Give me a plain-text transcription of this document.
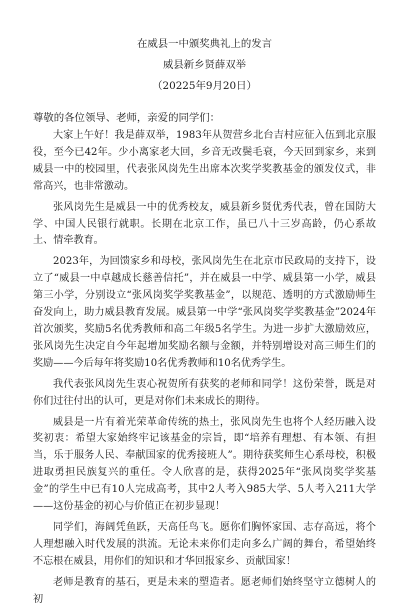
在威县一中颁奖典礼上的发言
威县新乡贤薛双举
（20225年9月20日）
尊敬的各位领导、老师，亲爱的同学们：

大家上午好！我是薛双举，1983年从贺营乡北台吉村应征入伍到北京服役，至今已42年。少小离家老大回，乡音无改鬓毛衰，今天回到家乡，来到威县一中的校园里，代表张风岗先生出席本次奖学奖教基金的颁发仪式，非常高兴，也非常激动。

张风岗先生是威县一中的优秀校友，威县新乡贤优秀代表，曾在国防大学、中国人民银行就职。长期在北京工作，虽已八十三岁高龄，仍心系故土、情牵教育。

2023年，为回馈家乡和母校，张风岗先生在北京市民政局的支持下，设立了“威县一中卓越成长慈善信托”，并在威县一中学、威县第一小学，威县第三小学，分别设立“张风岗奖学奖教基金”，以规范、透明的方式激励师生奋发向上，助力威县教育发展。威县第一中学“张风岗奖学奖教基金”2024年首次颁奖，奖励5名优秀教师和高二年级5名学生。为进一步扩大激励效应，张风岗先生决定自今年起增加奖励名额与金额，并特别增设对高三师生们的奖励——今后每年将奖励10名优秀教师和10名优秀学生。

我代表张风岗先生衷心祝贺所有获奖的老师和同学！这份荣誉，既是对你们过往付出的认可，更是对你们未来成长的期待。

威县是一片有着光荣革命传统的热土，张风岗先生也将个人经历融入设奖初衷：希望大家始终牢记该基金的宗旨，即“培养有理想、有本领、有担当，乐于服务人民、奉献国家的优秀接班人”。期待获奖师生心系母校，积极进取勇担民族复兴的重任。令人欣喜的是，获得2025年“张风岗奖学奖基金”的学生中已有10人完成高考，其中2人考入985大学、5人考入211大学——这份基金的初心与价值正在初步显现！

同学们，海阔凭鱼跃，天高任鸟飞。愿你们胸怀家国、志存高远，将个人理想融入时代发展的洪流。无论未来你们走向多么广阔的舞台，希望始终不忘根在威县，用你们的知识和才华回报家乡、贡献国家！

老师是教育的基石，更是未来的塑造者。愿老师们始终坚守立德树人的初
